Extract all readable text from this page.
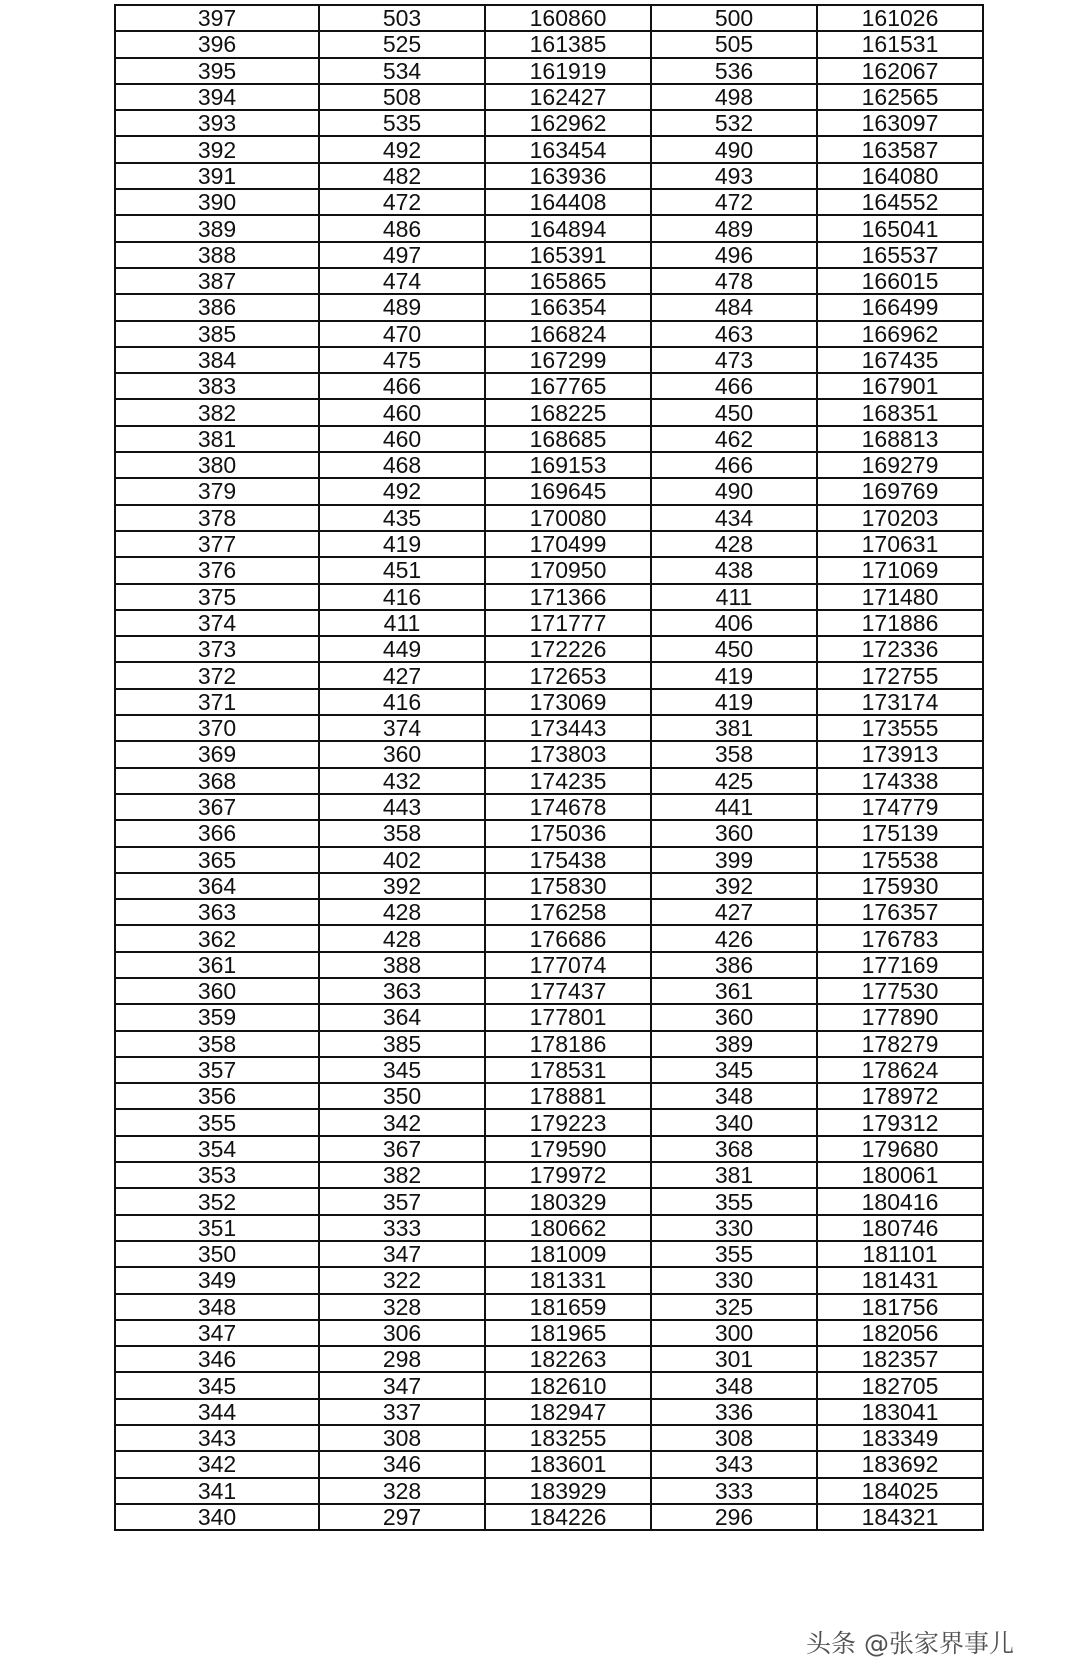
397	503	160860	500	161026
396	525	161385	505	161531
395	534	161919	536	162067
394	508	162427	498	162565
393	535	162962	532	163097
392	492	163454	490	163587
391	482	163936	493	164080
390	472	164408	472	164552
389	486	164894	489	165041
388	497	165391	496	165537
387	474	165865	478	166015
386	489	166354	484	166499
385	470	166824	463	166962
384	475	167299	473	167435
383	466	167765	466	167901
382	460	168225	450	168351
381	460	168685	462	168813
380	468	169153	466	169279
379	492	169645	490	169769
378	435	170080	434	170203
377	419	170499	428	170631
376	451	170950	438	171069
375	416	171366	411	171480
374	411	171777	406	171886
373	449	172226	450	172336
372	427	172653	419	172755
371	416	173069	419	173174
370	374	173443	381	173555
369	360	173803	358	173913
368	432	174235	425	174338
367	443	174678	441	174779
366	358	175036	360	175139
365	402	175438	399	175538
364	392	175830	392	175930
363	428	176258	427	176357
362	428	176686	426	176783
361	388	177074	386	177169
360	363	177437	361	177530
359	364	177801	360	177890
358	385	178186	389	178279
357	345	178531	345	178624
356	350	178881	348	178972
355	342	179223	340	179312
354	367	179590	368	179680
353	382	179972	381	180061
352	357	180329	355	180416
351	333	180662	330	180746
350	347	181009	355	181101
349	322	181331	330	181431
348	328	181659	325	181756
347	306	181965	300	182056
346	298	182263	301	182357
345	347	182610	348	182705
344	337	182947	336	183041
343	308	183255	308	183349
342	346	183601	343	183692
341	328	183929	333	184025
340	297	184226	296	184321
头条 @张家界事儿
